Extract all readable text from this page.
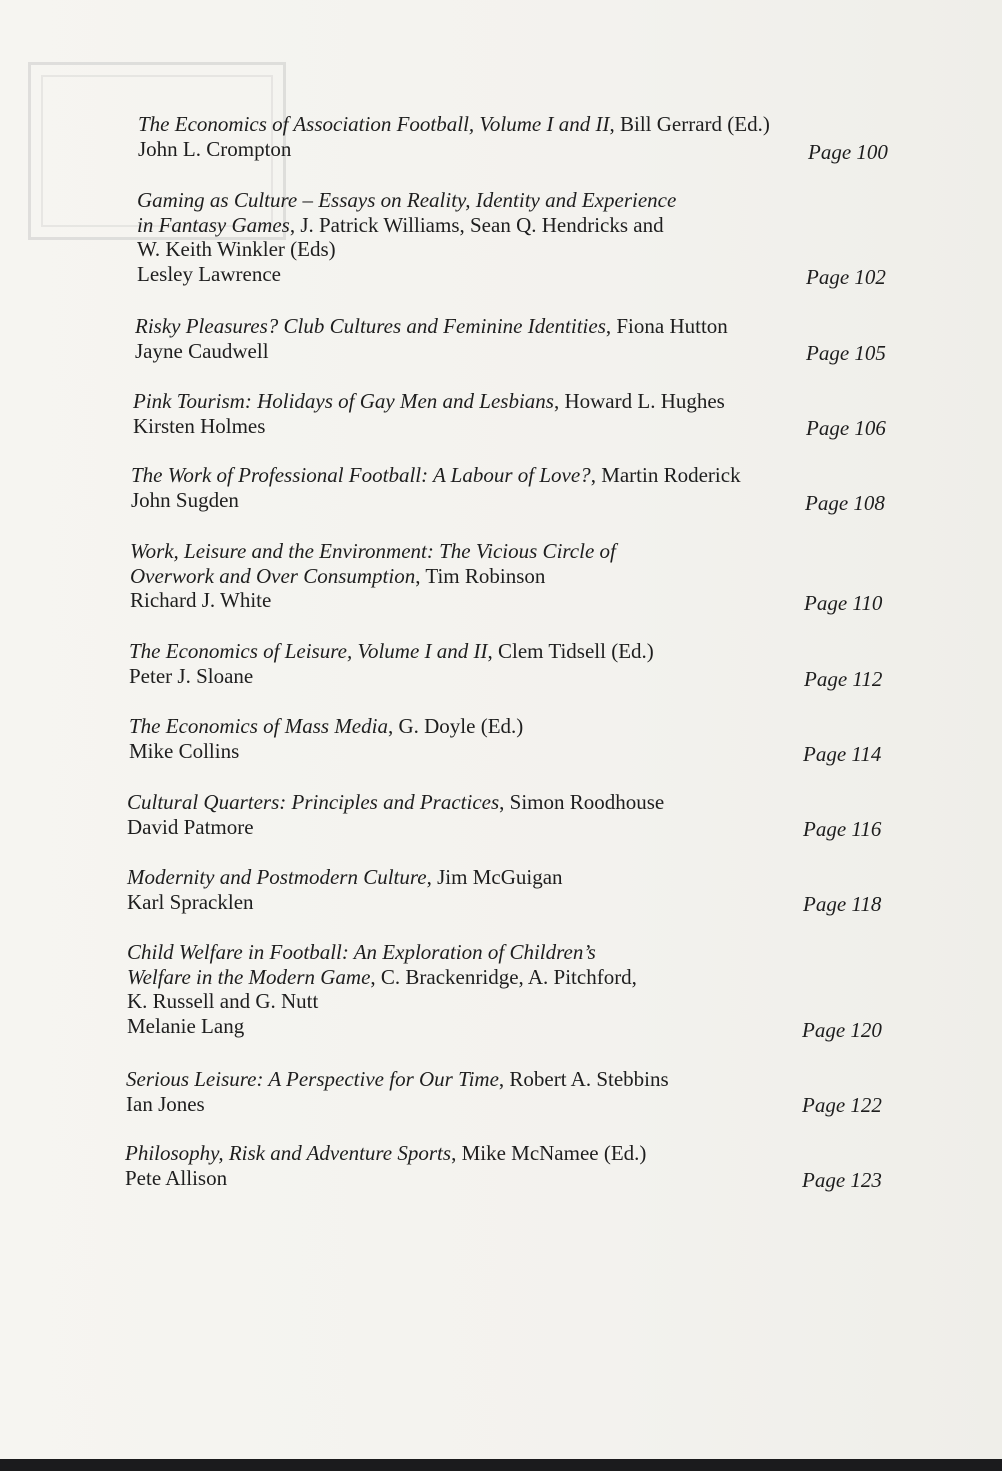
The Economics of Association Football, Volume I and II, Bill Gerrard (Ed.)
John L. Crompton	Page 100
Gaming as Culture – Essays on Reality, Identity and Experience
in Fantasy Games, J. Patrick Williams, Sean Q. Hendricks and
W. Keith Winkler (Eds)
Lesley Lawrence	Page 102
Risky Pleasures? Club Cultures and Feminine Identities, Fiona Hutton
Jayne Caudwell	Page 105
Pink Tourism: Holidays of Gay Men and Lesbians, Howard L. Hughes
Kirsten Holmes	Page 106
The Work of Professional Football: A Labour of Love?, Martin Roderick
John Sugden	Page 108
Work, Leisure and the Environment: The Vicious Circle of
Overwork and Over Consumption, Tim Robinson
Richard J. White	Page 110
The Economics of Leisure, Volume I and II, Clem Tidsell (Ed.)
Peter J. Sloane	Page 112
The Economics of Mass Media, G. Doyle (Ed.)
Mike Collins	Page 114
Cultural Quarters: Principles and Practices, Simon Roodhouse
David Patmore	Page 116
Modernity and Postmodern Culture, Jim McGuigan
Karl Spracklen	Page 118
Child Welfare in Football: An Exploration of Children’s
Welfare in the Modern Game, C. Brackenridge, A. Pitchford,
K. Russell and G. Nutt
Melanie Lang	Page 120
Serious Leisure: A Perspective for Our Time, Robert A. Stebbins
Ian Jones	Page 122
Philosophy, Risk and Adventure Sports, Mike McNamee (Ed.)
Pete Allison	Page 123
